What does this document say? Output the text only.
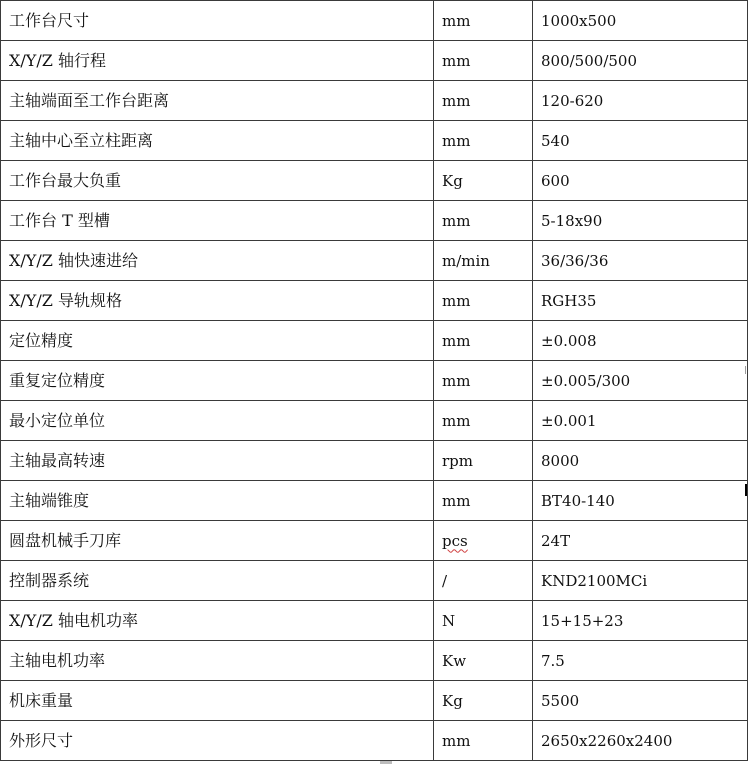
工作台尺寸	mm	1000x500
X/Y/Z 轴行程	mm	800/500/500
主轴端面至工作台距离	mm	120-620
主轴中心至立柱距离	mm	540
工作台最大负重	Kg	600
工作台 T 型槽	mm	5-18x90
X/Y/Z 轴快速进给	m/min	36/36/36
X/Y/Z 导轨规格	mm	RGH35
定位精度	mm	±0.008
重复定位精度	mm	±0.005/300
最小定位单位	mm	±0.001
主轴最高转速	rpm	8000
主轴端锥度	mm	BT40-140
圆盘机械手刀库	pcs	24T
控制器系统	/	KND2100MCi
X/Y/Z 轴电机功率	N	15+15+23
主轴电机功率	Kw	7.5
机床重量	Kg	5500
外形尺寸	mm	2650x2260x2400
